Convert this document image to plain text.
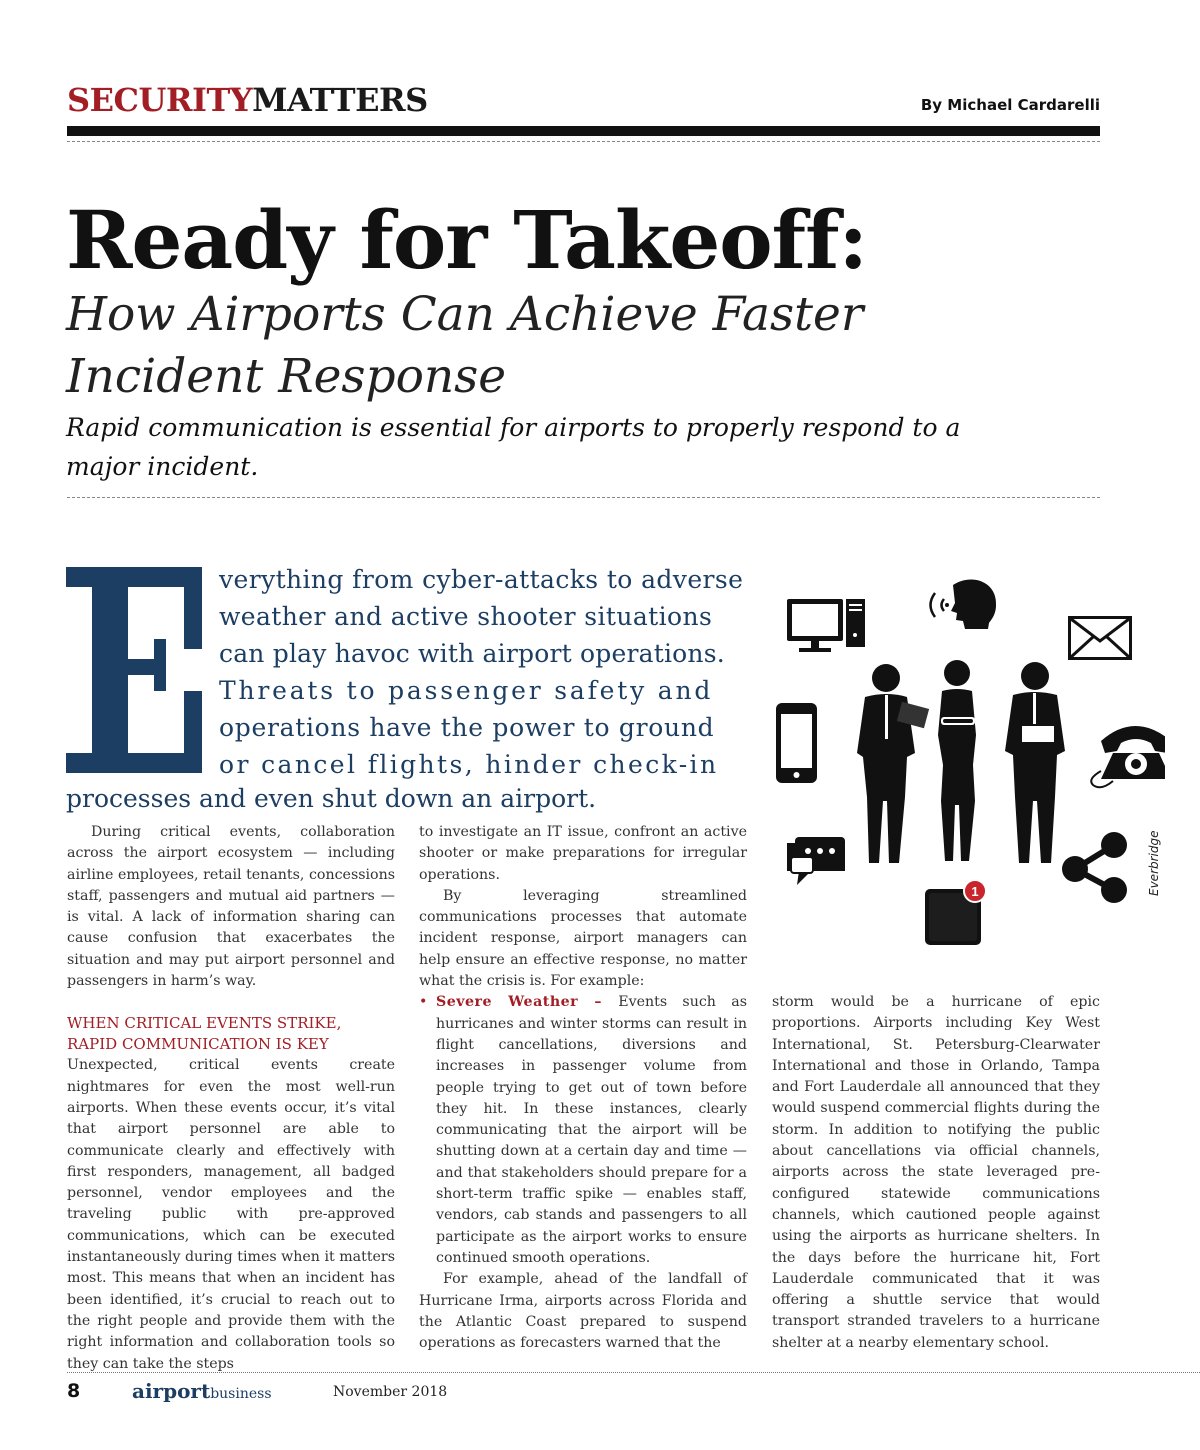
SECURITYMATTERS	By Michael Cardarelli
Ready for Takeoff:
How Airports Can Achieve Faster
Incident Response
Rapid communication is essential for airports to properly respond to a
major incident.
verything from cyber-attacks to adverse
weather and active shooter situations
can play havoc with airport operations.
Threats to passenger safety and
operations have the power to ground
or cancel flights, hinder check-in
processes and even shut down an airport.

During critical events, collaboration across the airport ecosystem — including airline employees, retail tenants, concessions staff, passengers and mutual aid partners — is vital. A lack of information sharing can cause confusion that exacerbates the situation and may put airport personnel and passengers in harm’s way.

WHEN CRITICAL EVENTS STRIKE,
RAPID COMMUNICATION IS KEY

Unexpected, critical events create nightmares for even the most well-run airports. When these events occur, it’s vital that airport personnel are able to communicate clearly and effectively with first responders, management, all badged personnel, vendor employees and the traveling public with pre-approved communications, which can be executed instantaneously during times when it matters most. This means that when an incident has been identified, it’s crucial to reach out to the right people and provide them with the right information and collaboration tools so they can take the steps

to investigate an IT issue, confront an active shooter or make preparations for irregular operations.

By leveraging streamlined communications processes that automate incident response, airport managers can help ensure an effective response, no matter what the crisis is. For example:

• Severe Weather – Events such as hurricanes and winter storms can result in flight cancellations, diversions and increases in passenger volume from people trying to get out of town before they hit. In these instances, clearly communicating that the airport will be shutting down at a certain day and time — and that stakeholders should prepare for a short-term traffic spike — enables staff, vendors, cab stands and passengers to all participate as the airport works to ensure continued smooth operations.

For example, ahead of the landfall of Hurricane Irma, airports across Florida and the Atlantic Coast prepared to suspend operations as forecasters warned that the

storm would be a hurricane of epic proportions. Airports including Key West International, St. Petersburg-Clearwater International and those in Orlando, Tampa and Fort Lauderdale all announced that they would suspend commercial flights during the storm. In addition to notifying the public about cancellations via official channels, airports across the state leveraged pre-configured statewide communications channels, which cautioned people against using the airports as hurricane shelters. In the days before the hurricane hit, Fort Lauderdale communicated that it was offering a shuttle service that would transport stranded travelers to a hurricane shelter at a nearby elementary school.

1	Everbridge
8	airportbusiness	November 2018
